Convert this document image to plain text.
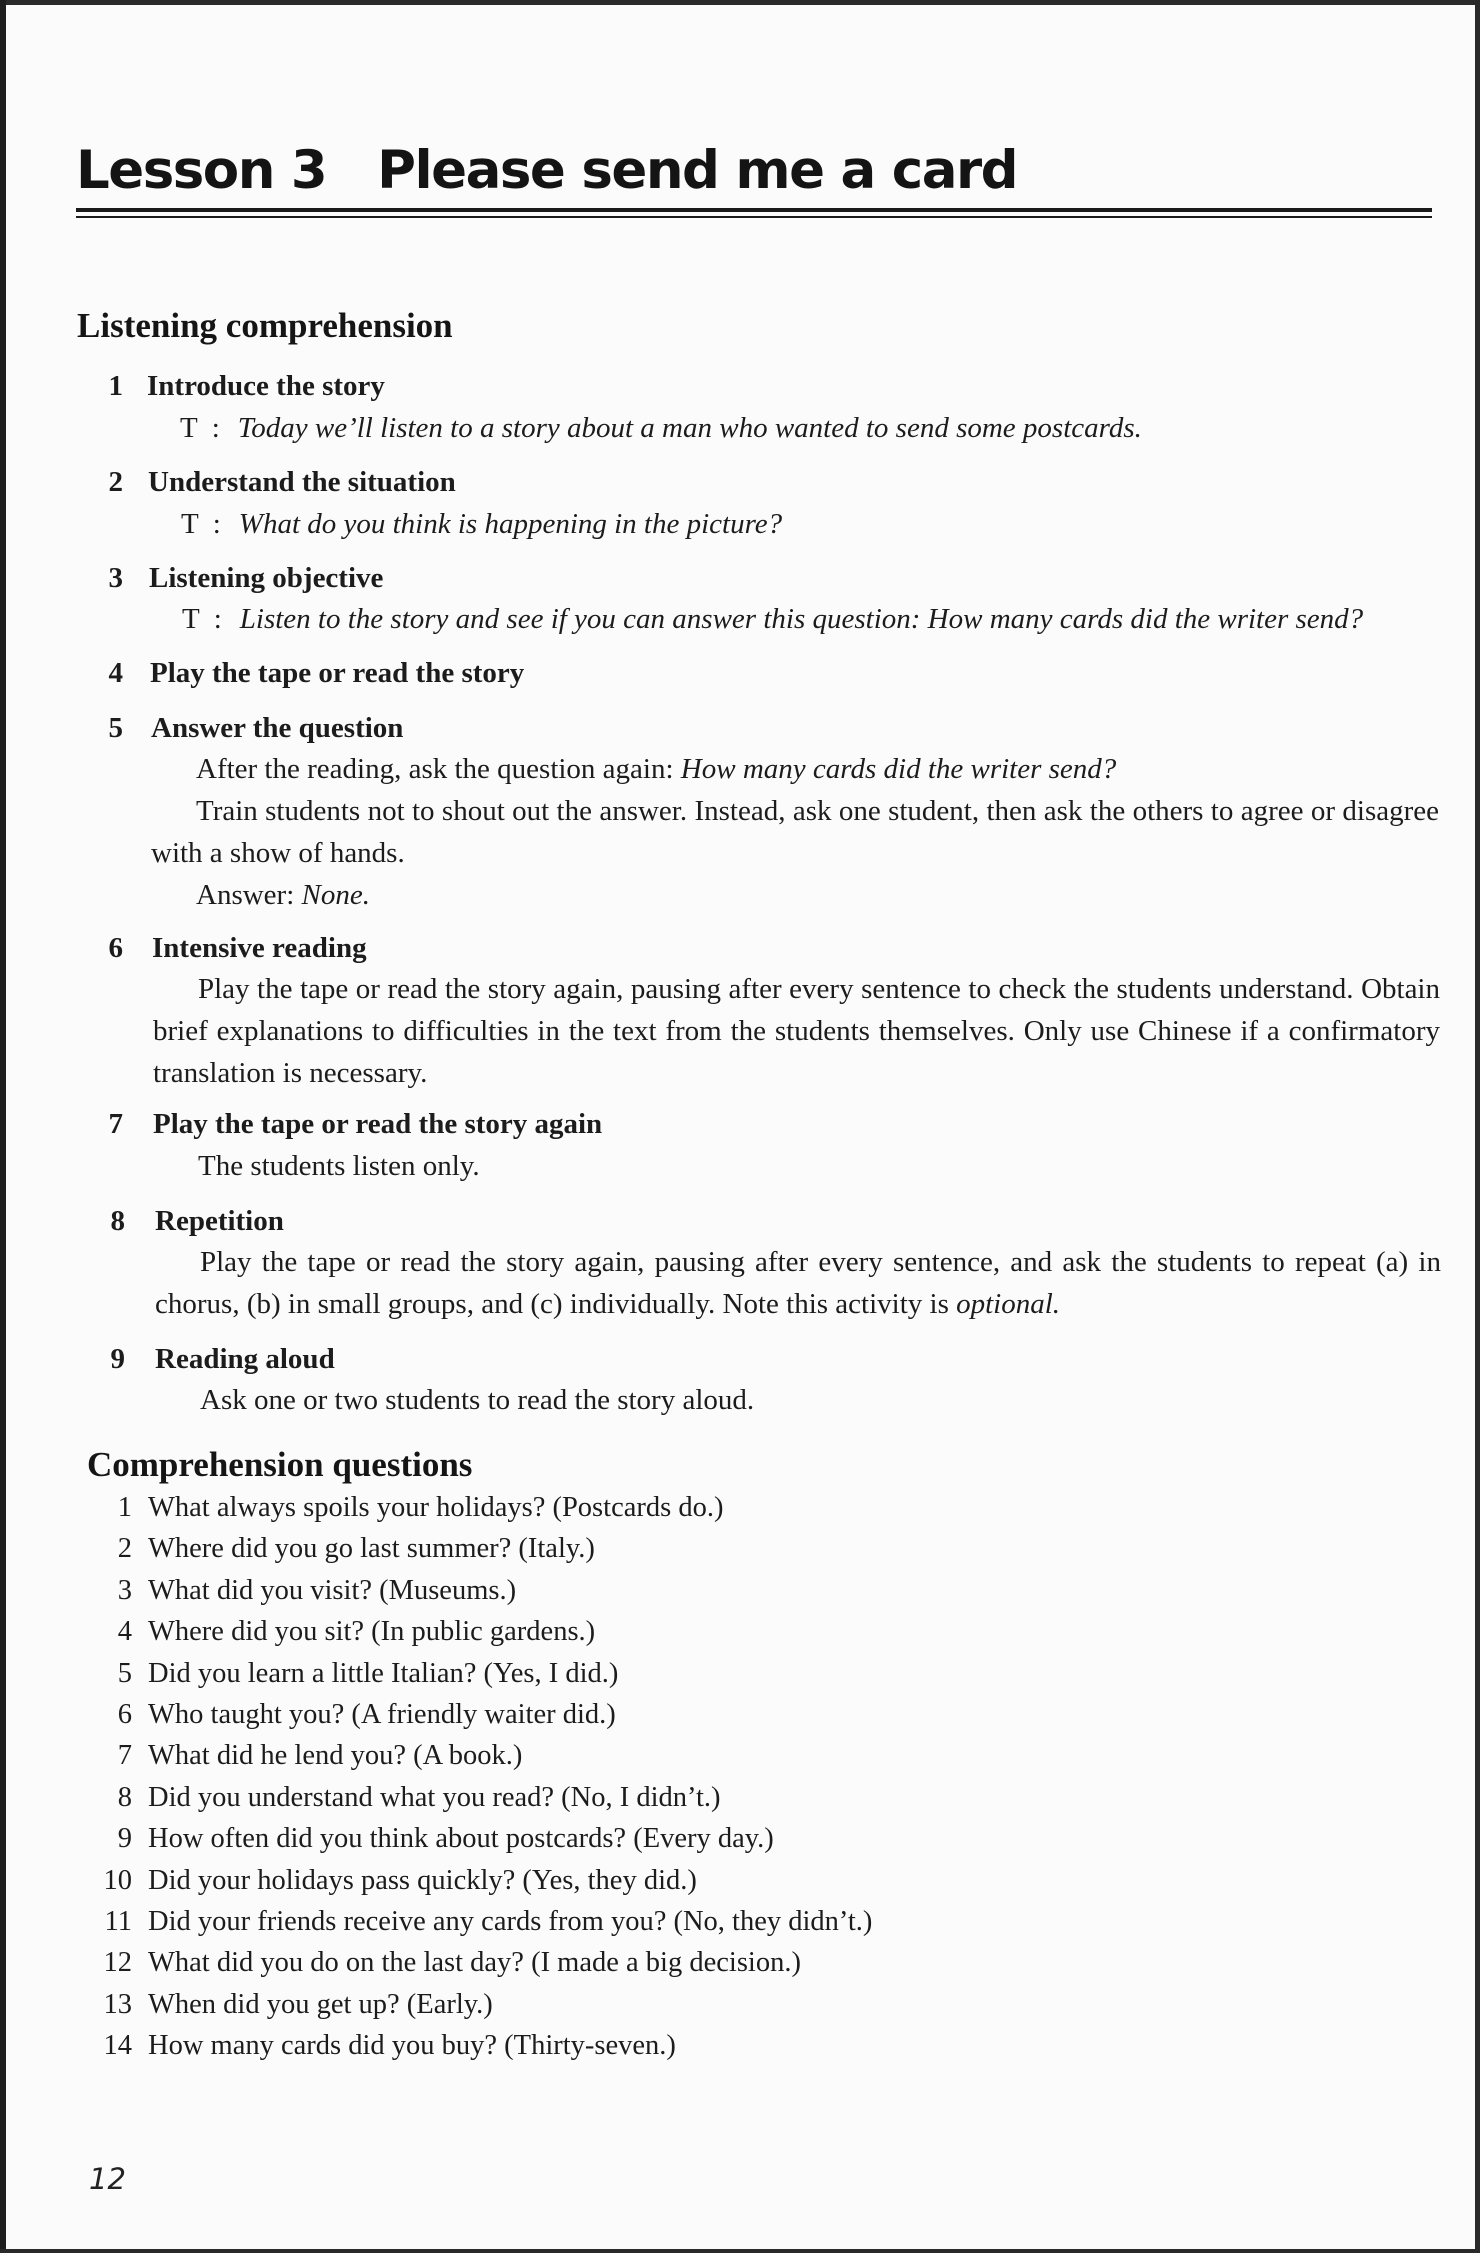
Lesson 3 Please send me a card
Listening comprehension
1 Introduce the story
T : Today we’ll listen to a story about a man who wanted to send some postcards.
2 Understand the situation
T : What do you think is happening in the picture?
3 Listening objective
T : Listen to the story and see if you can answer this question: How many cards did the writer send?
4 Play the tape or read the story
5 Answer the question
After the reading, ask the question again: How many cards did the writer send?
Train students not to shout out the answer. Instead, ask one student, then ask the others to agree or disagree with a show of hands.
Answer: None.
6 Intensive reading
Play the tape or read the story again, pausing after every sentence to check the students understand. Obtain brief explanations to difficulties in the text from the students themselves. Only use Chinese if a confirmatory translation is necessary.
7 Play the tape or read the story again
The students listen only.
8 Repetition
Play the tape or read the story again, pausing after every sentence, and ask the students to repeat (a) in chorus, (b) in small groups, and (c) individually. Note this activity is optional.
9 Reading aloud
Ask one or two students to read the story aloud.
Comprehension questions
1 What always spoils your holidays? (Postcards do.)
2 Where did you go last summer? (Italy.)
3 What did you visit? (Museums.)
4 Where did you sit? (In public gardens.)
5 Did you learn a little Italian? (Yes, I did.)
6 Who taught you? (A friendly waiter did.)
7 What did he lend you? (A book.)
8 Did you understand what you read? (No, I didn’t.)
9 How often did you think about postcards? (Every day.)
10 Did your holidays pass quickly? (Yes, they did.)
11 Did your friends receive any cards from you? (No, they didn’t.)
12 What did you do on the last day? (I made a big decision.)
13 When did you get up? (Early.)
14 How many cards did you buy? (Thirty-seven.)
12
